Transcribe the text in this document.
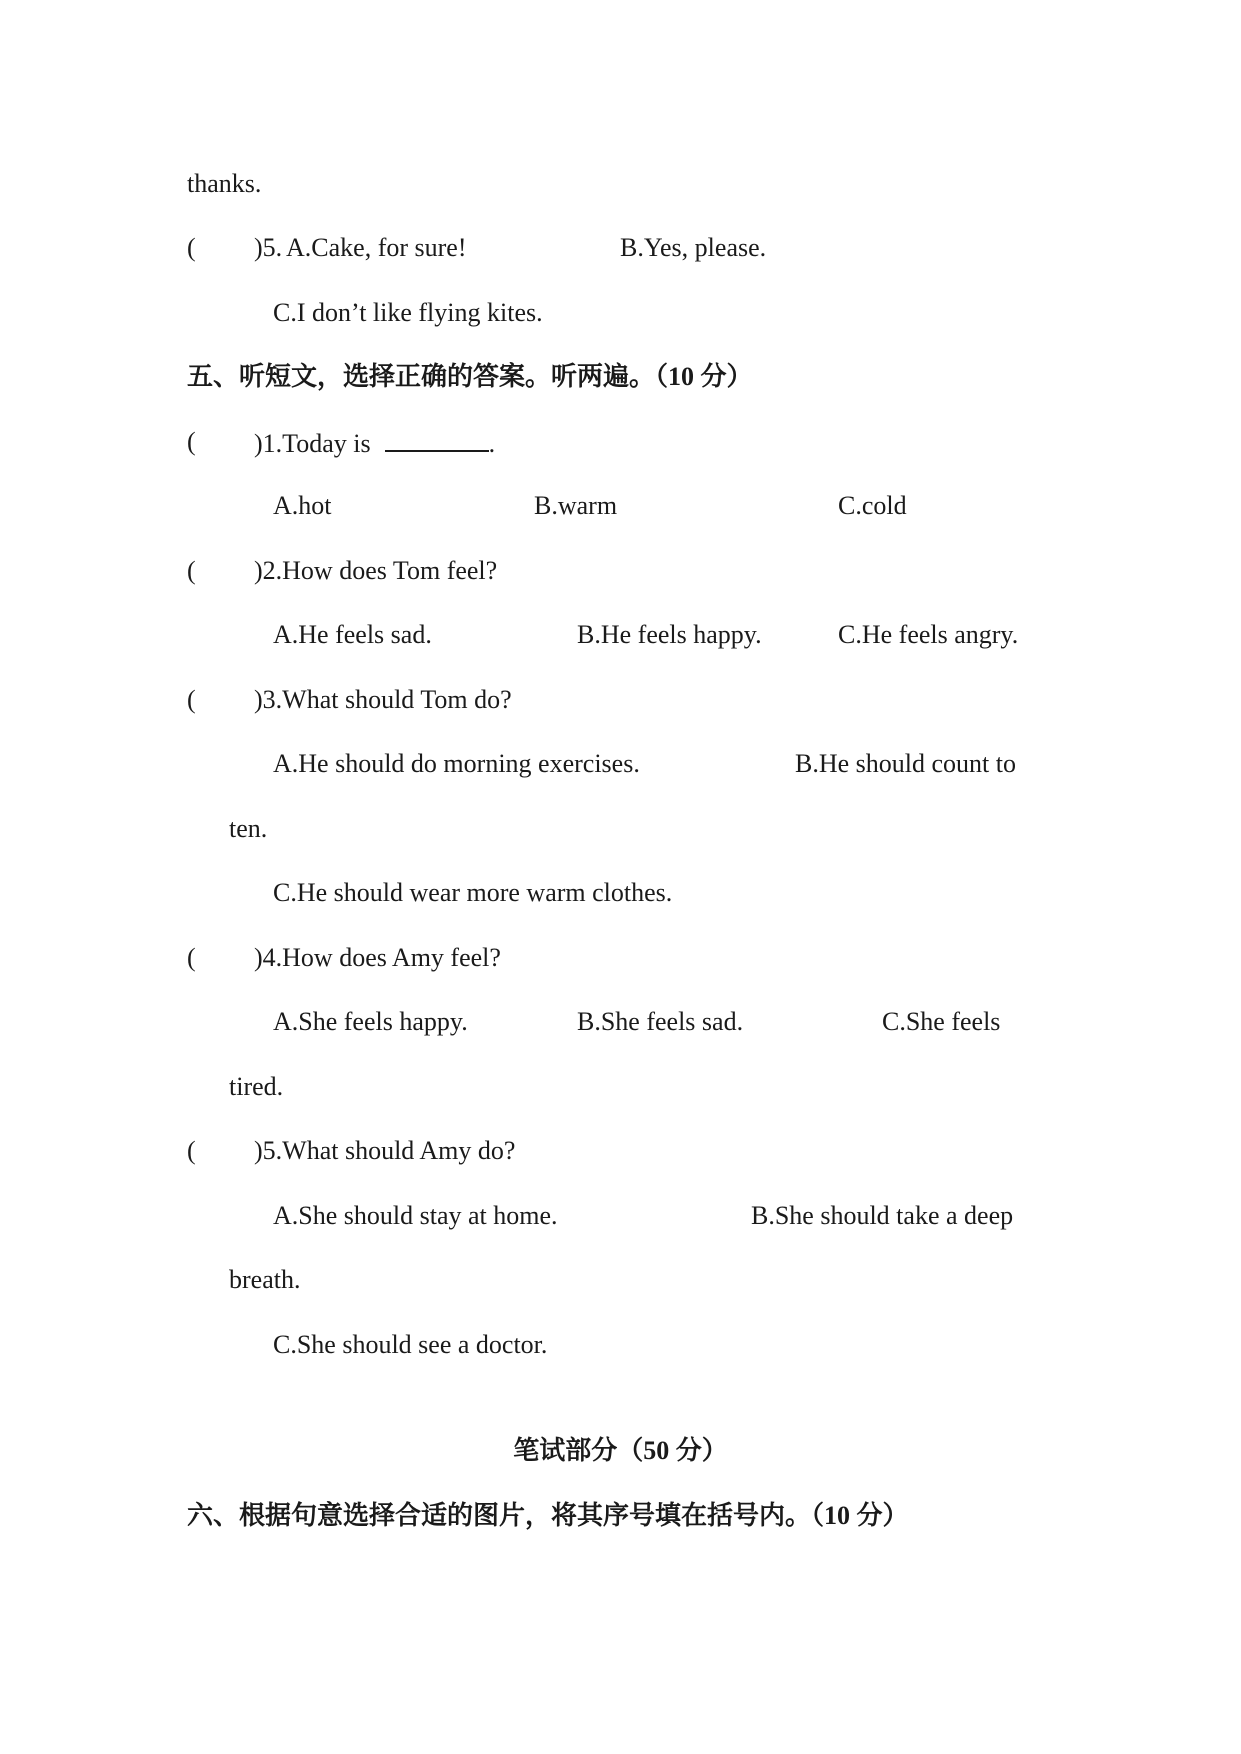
thanks.
( )5. A.Cake, for sure!	B.Yes, please.
C.I don’t like flying kites.
五、听短文，选择正确的答案。听两遍。（10 分）
( )1.Today is	.
A.hot	B.warm	C.cold
( )2.How does Tom feel?
A.He feels sad.	B.He feels happy.	C.He feels angry.
( )3.What should Tom do?
A.He should do morning exercises.	B.He should count to
ten.
C.He should wear more warm clothes.
( )4.How does Amy feel?
A.She feels happy.	B.She feels sad.	C.She feels
tired.
( )5.What should Amy do?
A.She should stay at home.	B.She should take a deep
breath.
C.She should see a doctor.
笔试部分（50 分）
六、根据句意选择合适的图片，将其序号填在括号内。（10 分）
